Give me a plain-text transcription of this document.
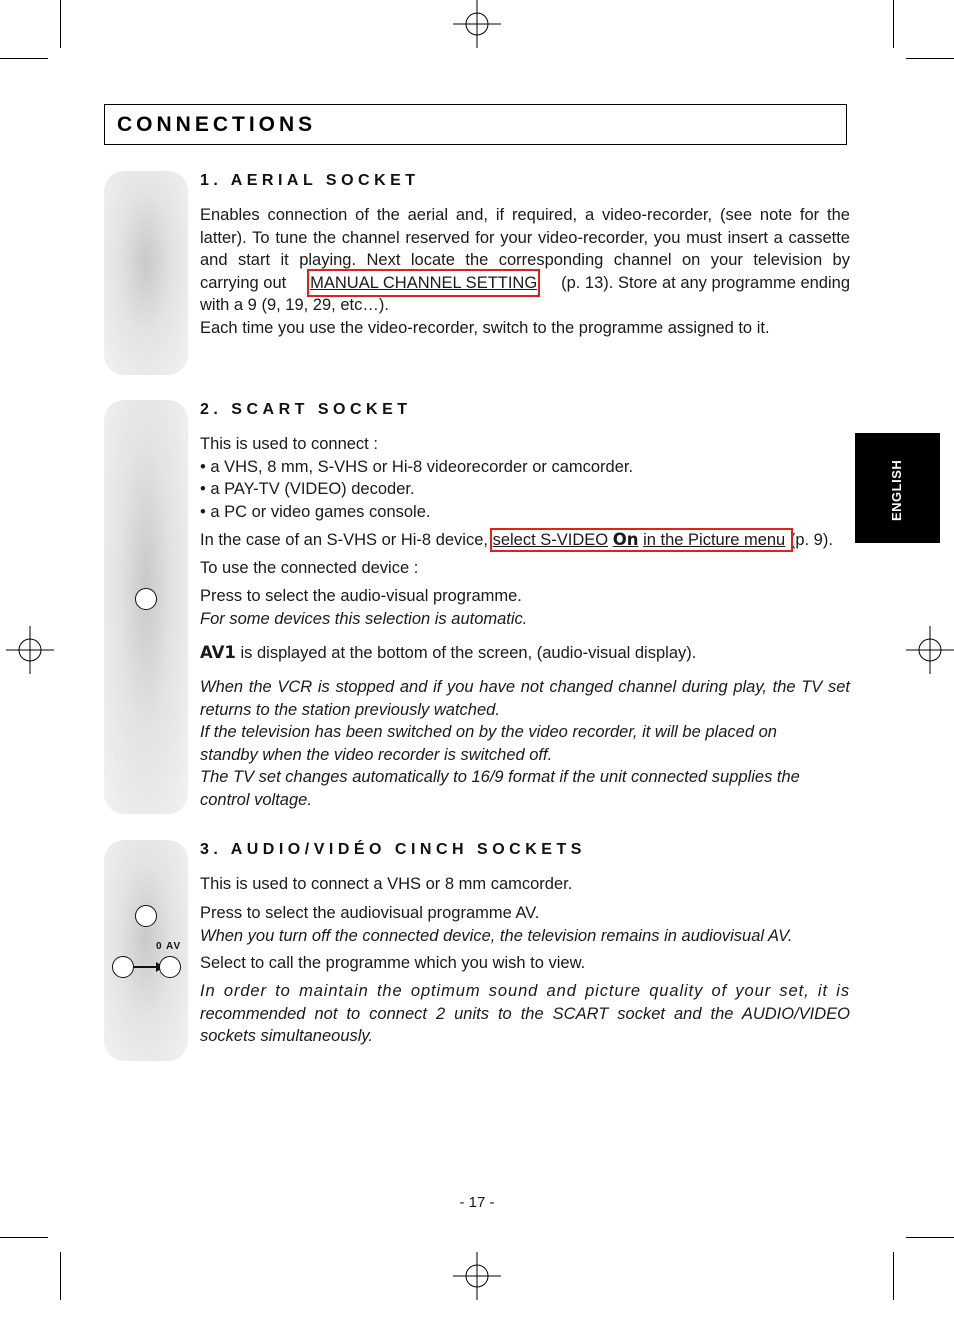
CONNECTIONS
ENGLISH
0 AV
1. AERIAL SOCKET
Enables connection of the aerial and, if required, a video-recorder, (see note for the
latter). To tune the channel reserved for your video-recorder, you must insert a cassette
and start it playing. Next locate the corresponding channel on your television by
carrying out MANUAL CHANNEL SETTING (p. 13). Store at any programme ending
with a 9 (9, 19, 29, etc…).
Each time you use the video-recorder, switch to the programme assigned to it.
2. SCART SOCKET
This is used to connect :
• a VHS, 8 mm, S-VHS or Hi-8 videorecorder or camcorder.
• a PAY-TV (VIDEO) decoder.
• a PC or video games console.
In the case of an S-VHS or Hi-8 device, select S-VIDEO On in the Picture menu (p. 9).
To use the connected device :
Press to select the audio-visual programme.
For some devices this selection is automatic.
AV1 is displayed at the bottom of the screen, (audio-visual display).
When the VCR is stopped and if you have not changed channel during play, the TV set
returns to the station previously watched.
If the television has been switched on by the video recorder, it will be placed on
standby when the video recorder is switched off.
The TV set changes automatically to 16/9 format if the unit connected supplies the
control voltage.
3. AUDIO/VIDÉO CINCH SOCKETS
This is used to connect a VHS or 8 mm camcorder.
Press to select the audiovisual programme AV.
When you turn off the connected device, the television remains in audiovisual AV.
Select to call the programme which you wish to view.
In order to maintain the optimum sound and picture quality of your set, it is
recommended not to connect 2 units to the SCART socket and the AUDIO/VIDEO
sockets simultaneously.
- 17 -
